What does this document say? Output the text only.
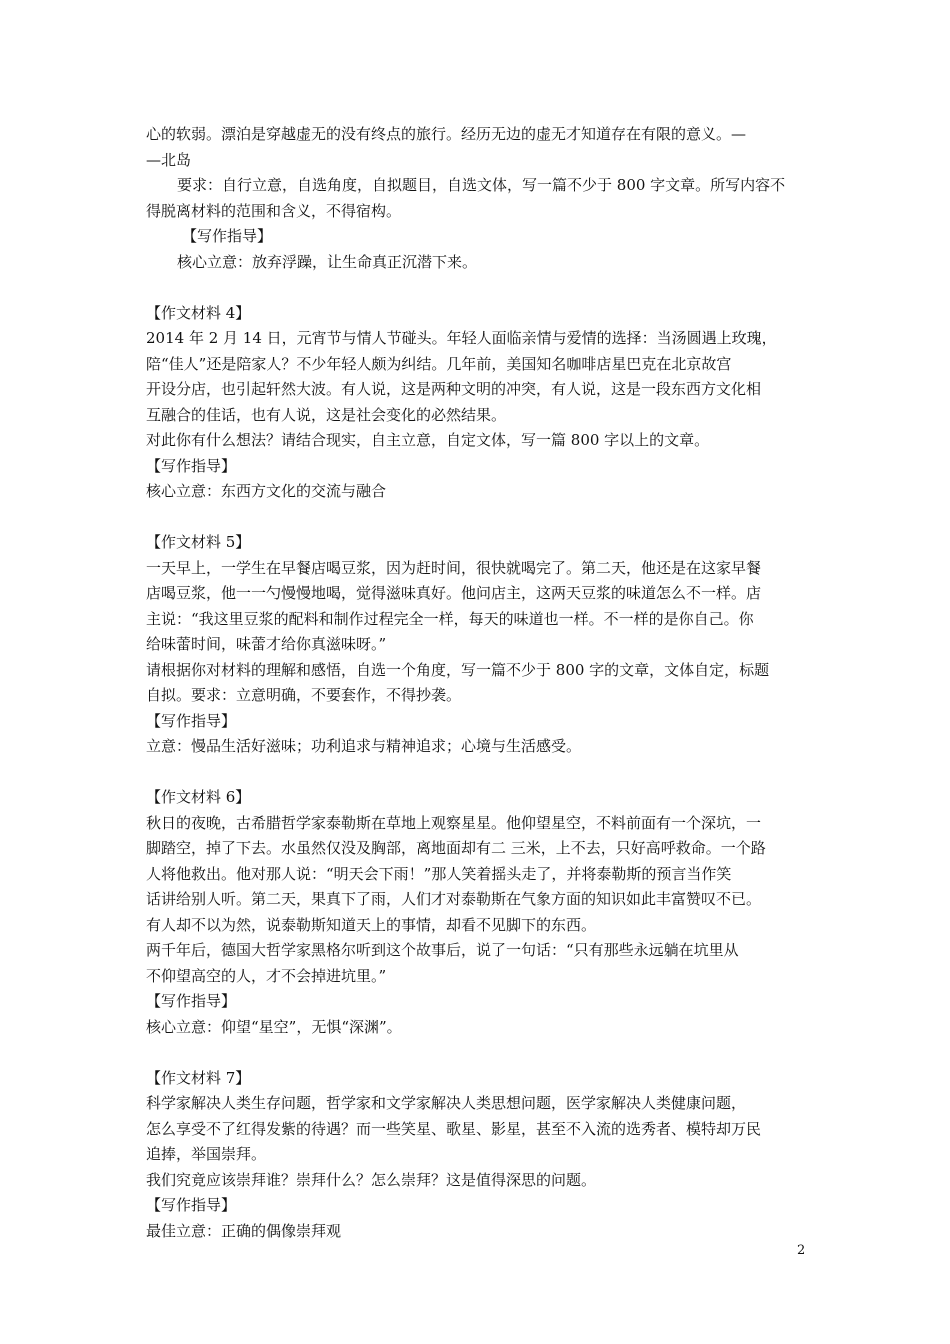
心的软弱。漂泊是穿越虚无的没有终点的旅行。经历无边的虚无才知道存在有限的意义。—
—北岛
要求：自行立意，自选角度，自拟题目，自选文体，写一篇不少于 800 字文章。所写内容不
得脱离材料的范围和含义，不得宿构。
【写作指导】
核心立意：放弃浮躁，让生命真正沉潜下来。
【作文材料 4】
2014 年 2 月 14 日，元宵节与情人节碰头。年轻人面临亲情与爱情的选择：当汤圆遇上玫瑰，
陪“佳人”还是陪家人？不少年轻人颇为纠结。几年前，美国知名咖啡店星巴克在北京故宫
开设分店，也引起轩然大波。有人说，这是两种文明的冲突，有人说，这是一段东西方文化相
互融合的佳话，也有人说，这是社会变化的必然结果。
对此你有什么想法？请结合现实，自主立意，自定文体，写一篇 800 字以上的文章。
【写作指导】
核心立意：东西方文化的交流与融合
【作文材料 5】
一天早上，一学生在早餐店喝豆浆，因为赶时间，很快就喝完了。第二天，他还是在这家早餐
店喝豆浆，他一一勺慢慢地喝，觉得滋味真好。他问店主，这两天豆浆的味道怎么不一样。店
主说：“我这里豆浆的配料和制作过程完全一样，每天的味道也一样。不一样的是你自己。你
给味蕾时间，味蕾才给你真滋味呀。”
请根据你对材料的理解和感悟，自选一个角度，写一篇不少于 800 字的文章，文体自定，标题
自拟。要求：立意明确，不要套作，不得抄袭。
【写作指导】
立意：慢品生活好滋味；功利追求与精神追求；心境与生活感受。
【作文材料 6】
秋日的夜晚，古希腊哲学家泰勒斯在草地上观察星星。他仰望星空，不料前面有一个深坑，一
脚踏空，掉了下去。水虽然仅没及胸部，离地面却有二 三米，上不去，只好高呼救命。一个路
人将他救出。他对那人说：“明天会下雨！”那人笑着摇头走了，并将泰勒斯的预言当作笑
话讲给别人听。第二天，果真下了雨，人们才对泰勒斯在气象方面的知识如此丰富赞叹不已。
有人却不以为然，说泰勒斯知道天上的事情，却看不见脚下的东西。
两千年后，德国大哲学家黑格尔听到这个故事后，说了一句话：“只有那些永远躺在坑里从
不仰望高空的人，才不会掉进坑里。”
【写作指导】
核心立意：仰望“星空”，无惧“深渊”。
【作文材料 7】
科学家解决人类生存问题，哲学家和文学家解决人类思想问题，医学家解决人类健康问题，
怎么享受不了红得发紫的待遇？而一些笑星、歌星、影星，甚至不入流的选秀者、模特却万民
追捧，举国崇拜。
我们究竟应该崇拜谁？崇拜什么？怎么崇拜？这是值得深思的问题。
【写作指导】
最佳立意：正确的偶像崇拜观
2
